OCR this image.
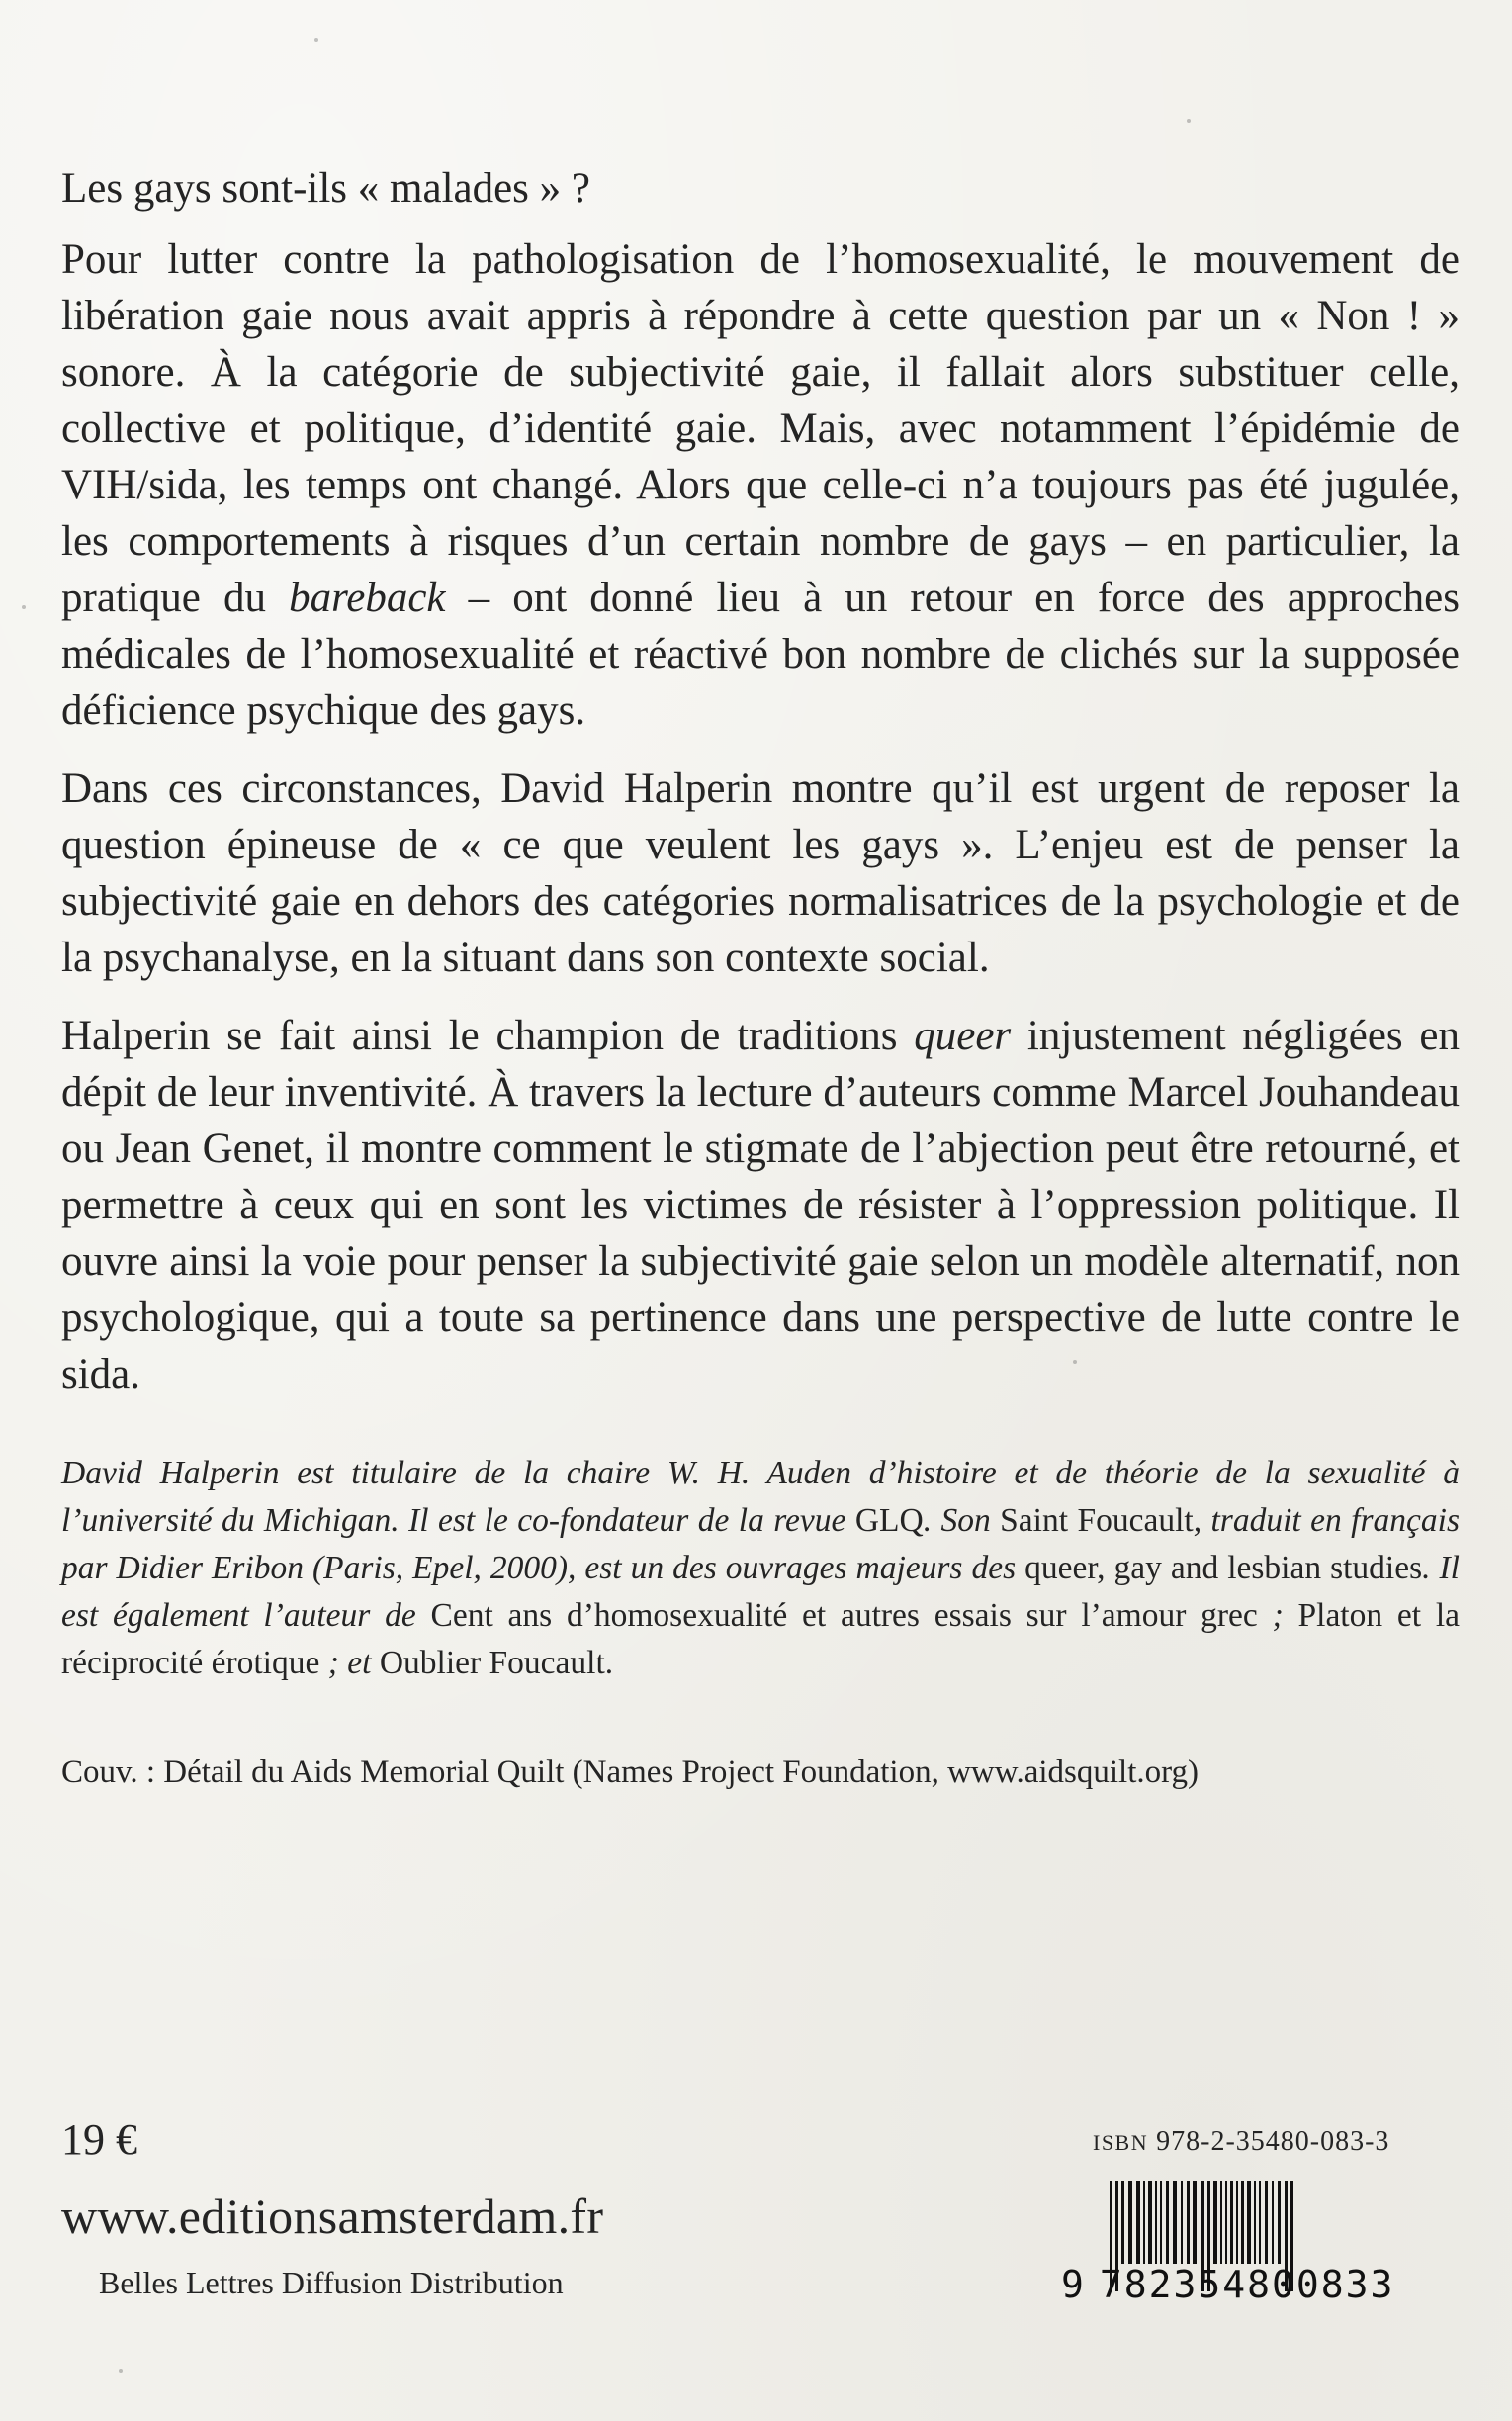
Les gays sont-ils « malades » ?

Pour lutter contre la pathologisation de l’homosexualité, le mouvement de libération gaie nous avait appris à répondre à cette question par un « Non ! » sonore. À la catégorie de subjectivité gaie, il fallait alors substituer celle, collective et politique, d’identité gaie. Mais, avec notamment l’épidémie de VIH/sida, les temps ont changé. Alors que celle-ci n’a toujours pas été jugulée, les comportements à risques d’un certain nombre de gays – en particulier, la pratique du bareback – ont donné lieu à un retour en force des approches médicales de l’homosexualité et réactivé bon nombre de clichés sur la supposée déficience psychique des gays.

Dans ces circonstances, David Halperin montre qu’il est urgent de reposer la question épineuse de « ce que veulent les gays ». L’enjeu est de penser la subjectivité gaie en dehors des catégories normalisatrices de la psychologie et de la psychanalyse, en la situant dans son contexte social.

Halperin se fait ainsi le champion de traditions queer injustement négligées en dépit de leur inventivité. À travers la lecture d’auteurs comme Marcel Jouhandeau ou Jean Genet, il montre comment le stigmate de l’abjection peut être retourné, et permettre à ceux qui en sont les victimes de résister à l’oppression politique. Il ouvre ainsi la voie pour penser la subjectivité gaie selon un modèle alternatif, non psychologique, qui a toute sa pertinence dans une perspective de lutte contre le sida.

David Halperin est titulaire de la chaire W. H. Auden d’histoire et de théorie de la sexualité à l’université du Michigan. Il est le co-fondateur de la revue GLQ. Son Saint Foucault, traduit en français par Didier Eribon (Paris, Epel, 2000), est un des ouvrages majeurs des queer, gay and lesbian studies. Il est également l’auteur de Cent ans d’homosexualité et autres essais sur l’amour grec ; Platon et la réciprocité érotique ; et Oublier Foucault.

Couv. : Détail du Aids Memorial Quilt (Names Project Foundation, www.aidsquilt.org)

19 €
www.editionsamsterdam.fr
Belles Lettres Diffusion Distribution
ISBN 978-2-35480-083-3
9 782354800833
